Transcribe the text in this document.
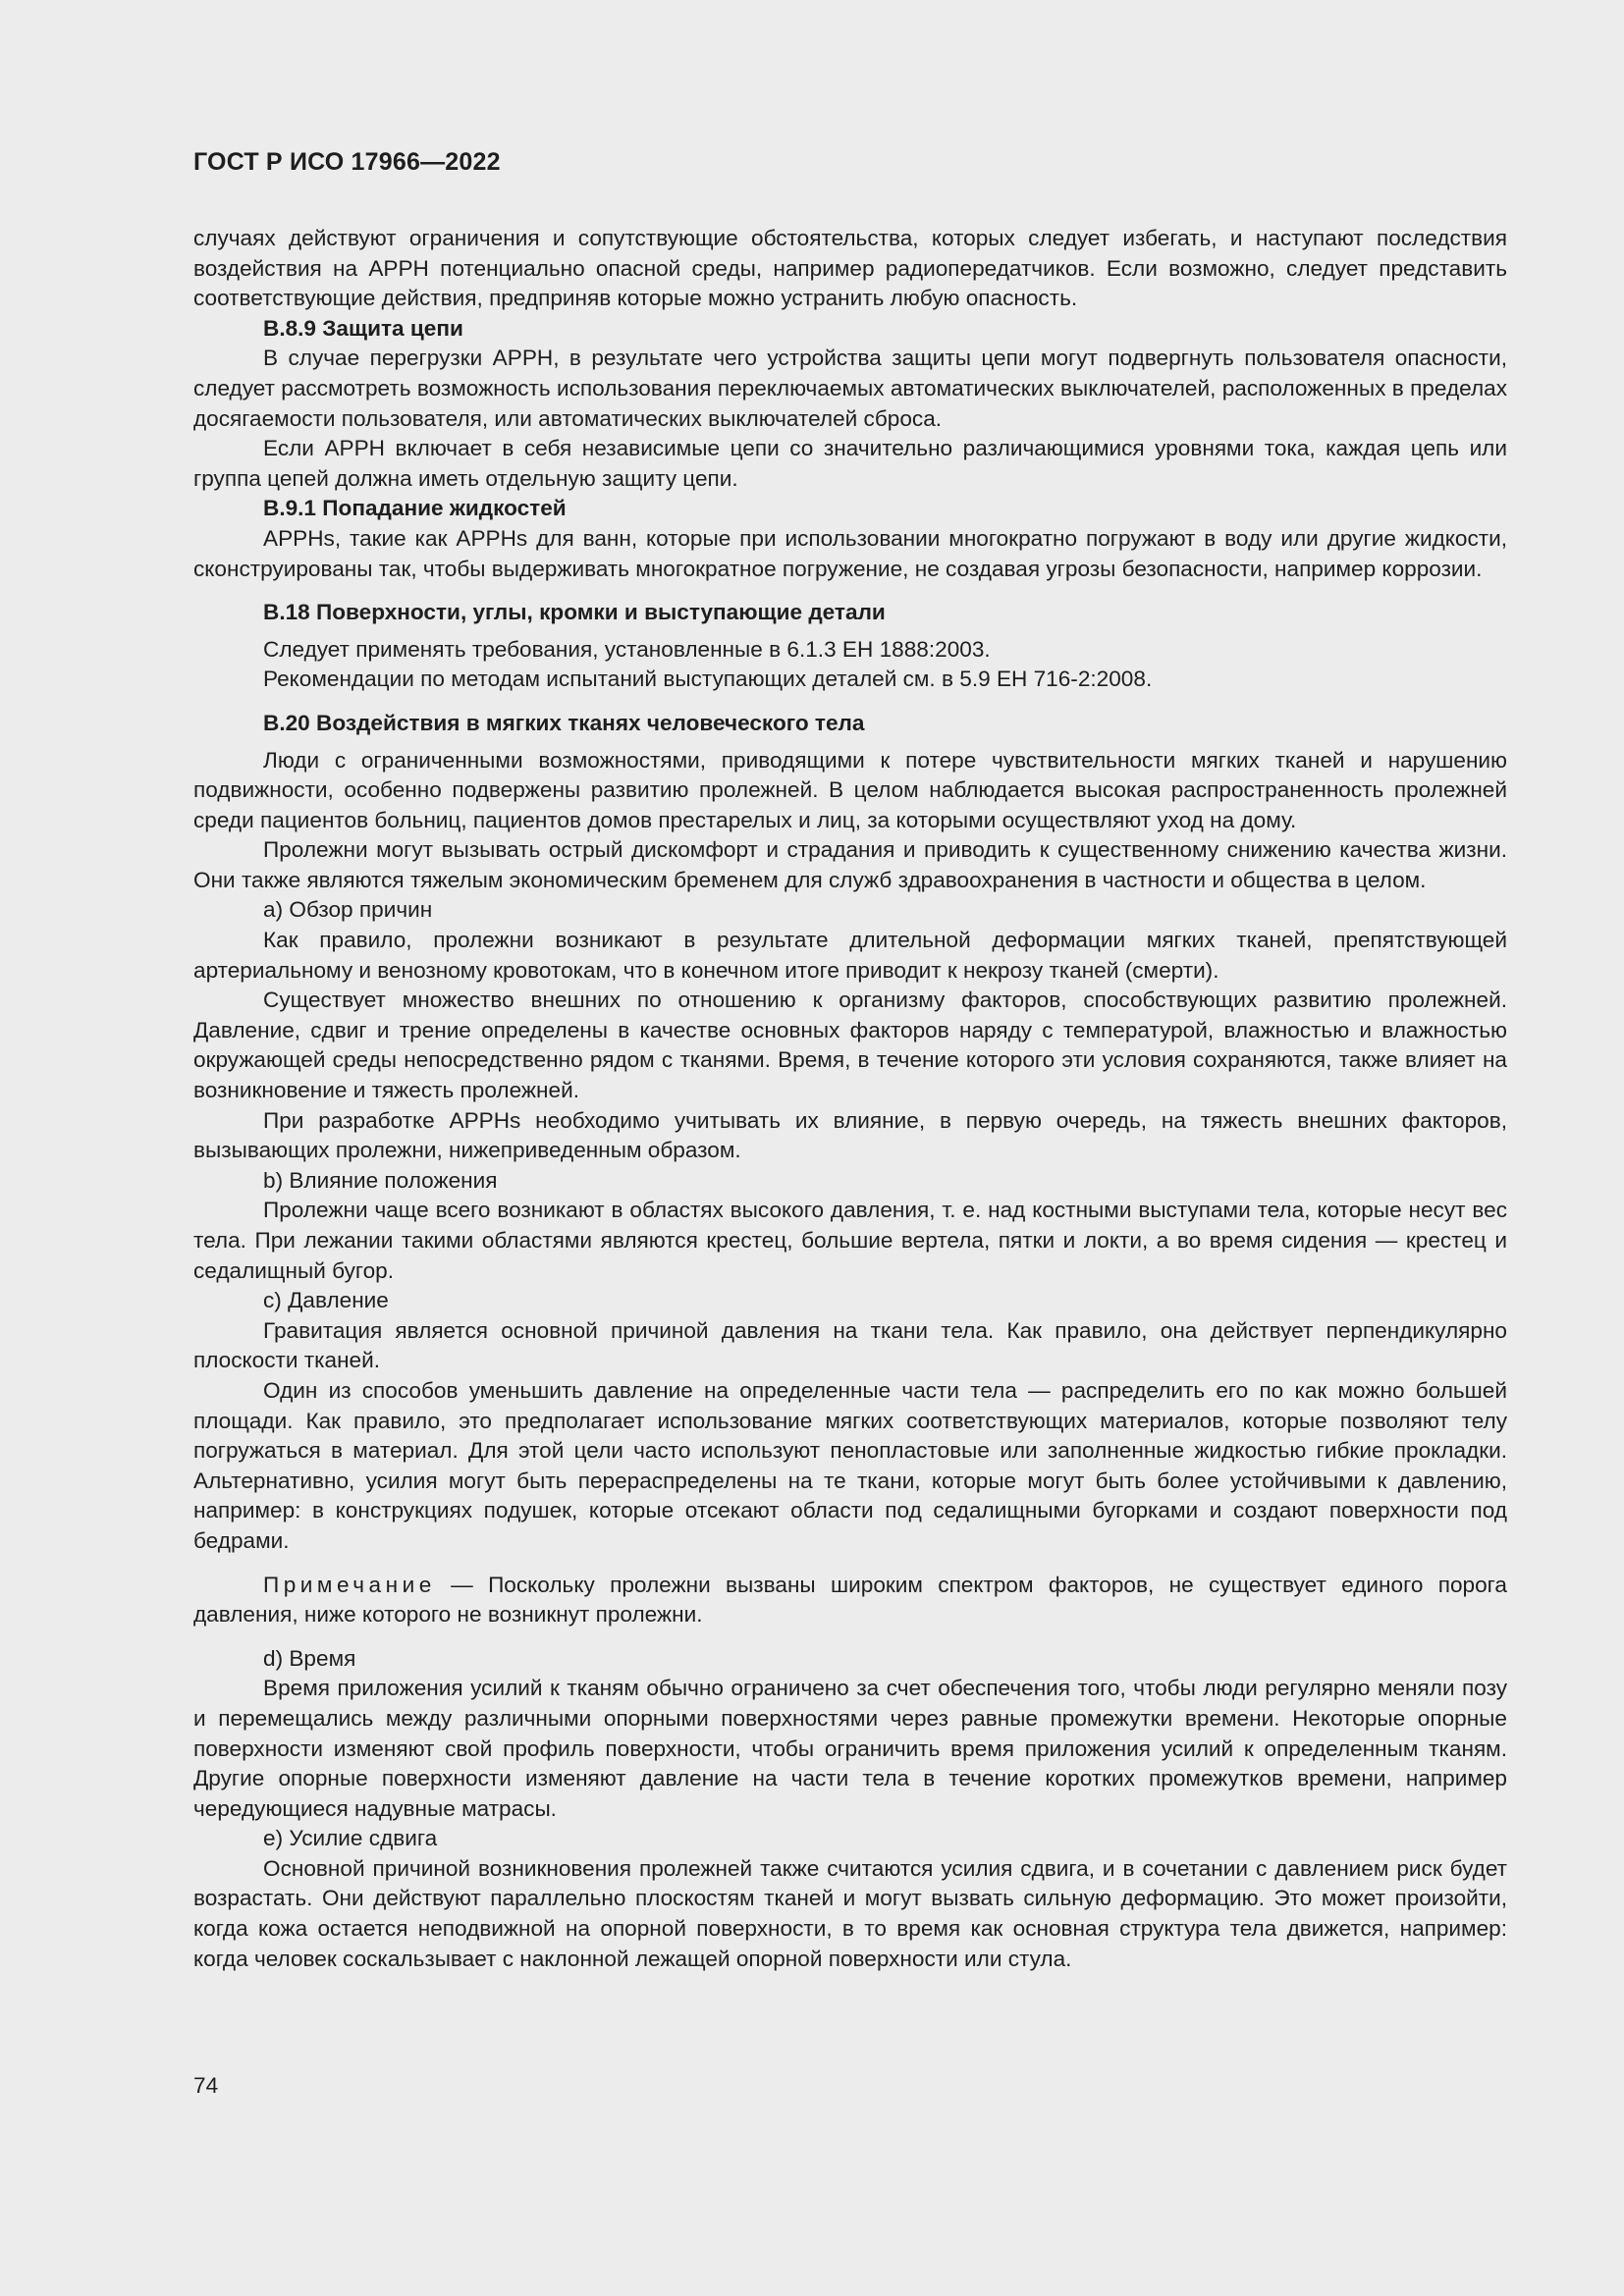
ГОСТ Р ИСО 17966—2022

случаях действуют ограничения и сопутствующие обстоятельства, которых следует избегать, и наступают последствия воздействия на АРРН потенциально опасной среды, например радиопередатчиков. Если возможно, следует представить соответствующие действия, предприняв которые можно устранить любую опасность.

B.8.9 Защита цепи

В случае перегрузки АРРН, в результате чего устройства защиты цепи могут подвергнуть пользователя опасности, следует рассмотреть возможность использования переключаемых автоматических выключателей, расположенных в пределах досягаемости пользователя, или автоматических выключателей сброса.

Если АРРН включает в себя независимые цепи со значительно различающимися уровнями тока, каждая цепь или группа цепей должна иметь отдельную защиту цепи.

B.9.1 Попадание жидкостей

АРРНs, такие как АРРНs для ванн, которые при использовании многократно погружают в воду или другие жидкости, сконструированы так, чтобы выдерживать многократное погружение, не создавая угрозы безопасности, например коррозии.

B.18 Поверхности, углы, кромки и выступающие детали

Следует применять требования, установленные в 6.1.3 ЕН 1888:2003.

Рекомендации по методам испытаний выступающих деталей см. в 5.9 ЕН 716-2:2008.

B.20 Воздействия в мягких тканях человеческого тела

Люди с ограниченными возможностями, приводящими к потере чувствительности мягких тканей и нарушению подвижности, особенно подвержены развитию пролежней. В целом наблюдается высокая распространенность пролежней среди пациентов больниц, пациентов домов престарелых и лиц, за которыми осуществляют уход на дому.

Пролежни могут вызывать острый дискомфорт и страдания и приводить к существенному снижению качества жизни. Они также являются тяжелым экономическим бременем для служб здравоохранения в частности и общества в целом.

а) Обзор причин

Как правило, пролежни возникают в результате длительной деформации мягких тканей, препятствующей артериальному и венозному кровотокам, что в конечном итоге приводит к некрозу тканей (смерти).

Существует множество внешних по отношению к организму факторов, способствующих развитию пролежней. Давление, сдвиг и трение определены в качестве основных факторов наряду с температурой, влажностью и влажностью окружающей среды непосредственно рядом с тканями. Время, в течение которого эти условия сохраняются, также влияет на возникновение и тяжесть пролежней.

При разработке АРРНs необходимо учитывать их влияние, в первую очередь, на тяжесть внешних факторов, вызывающих пролежни, нижеприведенным образом.

b) Влияние положения

Пролежни чаще всего возникают в областях высокого давления, т. е. над костными выступами тела, которые несут вес тела. При лежании такими областями являются крестец, большие вертела, пятки и локти, а во время сидения — крестец и седалищный бугор.

с) Давление

Гравитация является основной причиной давления на ткани тела. Как правило, она действует перпендикулярно плоскости тканей.

Один из способов уменьшить давление на определенные части тела — распределить его по как можно большей площади. Как правило, это предполагает использование мягких соответствующих материалов, которые позволяют телу погружаться в материал. Для этой цели часто используют пенопластовые или заполненные жидкостью гибкие прокладки. Альтернативно, усилия могут быть перераспределены на те ткани, которые могут быть более устойчивыми к давлению, например: в конструкциях подушек, которые отсекают области под седалищными бугорками и создают поверхности под бедрами.

Примечание — Поскольку пролежни вызваны широким спектром факторов, не существует единого порога давления, ниже которого не возникнут пролежни.

d) Время

Время приложения усилий к тканям обычно ограничено за счет обеспечения того, чтобы люди регулярно меняли позу и перемещались между различными опорными поверхностями через равные промежутки времени. Некоторые опорные поверхности изменяют свой профиль поверхности, чтобы ограничить время приложения усилий к определенным тканям. Другие опорные поверхности изменяют давление на части тела в течение коротких промежутков времени, например чередующиеся надувные матрасы.

е) Усилие сдвига

Основной причиной возникновения пролежней также считаются усилия сдвига, и в сочетании с давлением риск будет возрастать. Они действуют параллельно плоскостям тканей и могут вызвать сильную деформацию. Это может произойти, когда кожа остается неподвижной на опорной поверхности, в то время как основная структура тела движется, например: когда человек соскальзывает с наклонной лежащей опорной поверхности или стула.

74
